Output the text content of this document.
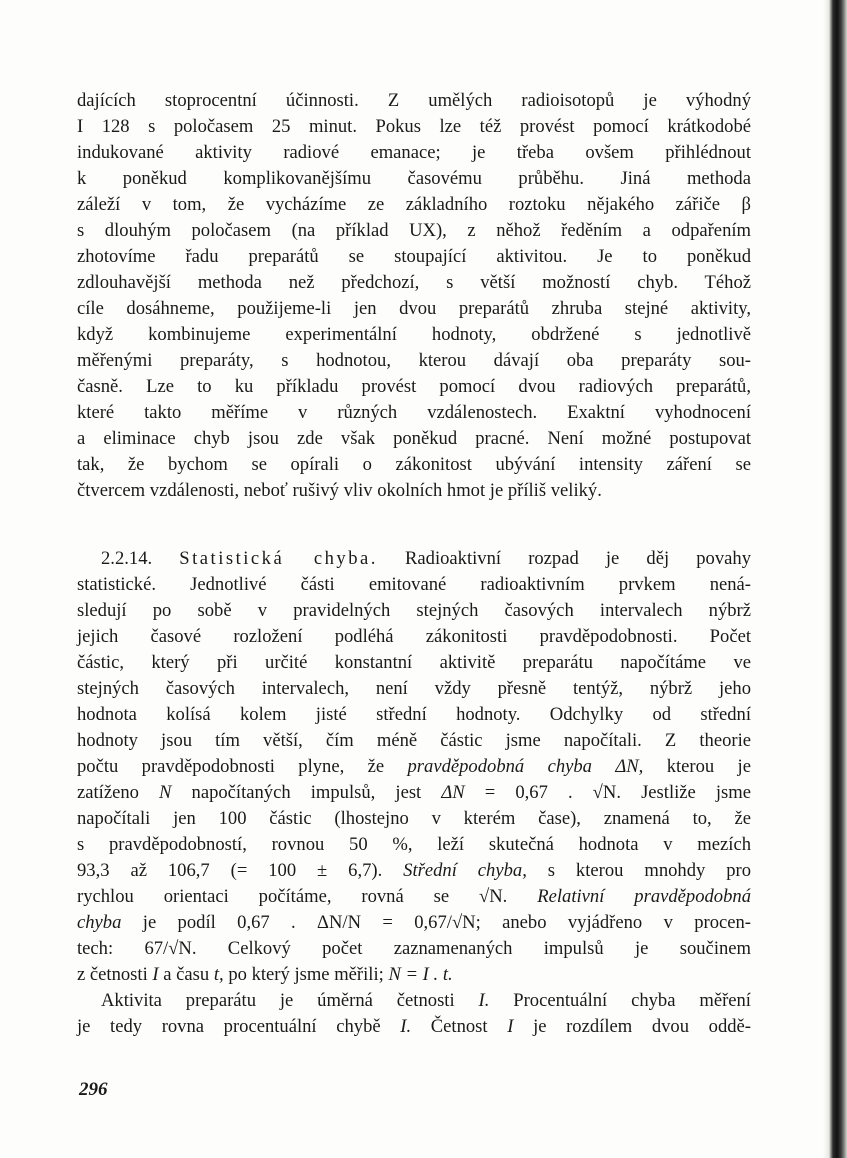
dajících stoprocentní účinnosti. Z umělých radioisotopů je výhodný
I 128 s poločasem 25 minut. Pokus lze též provést pomocí krátkodobé
indukované aktivity radiové emanace; je třeba ovšem přihlédnout
k poněkud komplikovanějšímu časovému průběhu. Jiná methoda
záleží v tom, že vycházíme ze základního roztoku nějakého zářiče β
s dlouhým poločasem (na příklad UX), z něhož ředěním a odpařením
zhotovíme řadu preparátů se stoupající aktivitou. Je to poněkud
zdlouhavější methoda než předchozí, s větší možností chyb. Téhož
cíle dosáhneme, použijeme-li jen dvou preparátů zhruba stejné aktivity,
když kombinujeme experimentální hodnoty, obdržené s jednotlivě
měřenými preparáty, s hodnotou, kterou dávají oba preparáty sou-
časně. Lze to ku příkladu provést pomocí dvou radiových preparátů,
které takto měříme v různých vzdálenostech. Exaktní vyhodnocení
a eliminace chyb jsou zde však poněkud pracné. Není možné postupovat
tak, že bychom se opírali o zákonitost ubývání intensity záření se
čtvercem vzdálenosti, neboť rušivý vliv okolních hmot je příliš veliký.
2.2.14. Statistická chyba. Radioaktivní rozpad je děj povahy
statistické. Jednotlivé části emitované radioaktivním prvkem nená-
sledují po sobě v pravidelných stejných časových intervalech nýbrž
jejich časové rozložení podléhá zákonitosti pravděpodobnosti. Počet
částic, který při určité konstantní aktivitě preparátu napočítáme ve
stejných časových intervalech, není vždy přesně tentýž, nýbrž jeho
hodnota kolísá kolem jisté střední hodnoty. Odchylky od střední
hodnoty jsou tím větší, čím méně částic jsme napočítali. Z theorie
počtu pravděpodobnosti plyne, že pravděpodobná chyba ΔN, kterou je
zatíženo N napočítaných impulsů, jest ΔN = 0,67 . √N. Jestliže jsme
napočítali jen 100 částic (lhostejno v kterém čase), znamená to, že
s pravděpodobností, rovnou 50 %, leží skutečná hodnota v mezích
93,3 až 106,7 (= 100 ± 6,7). Střední chyba, s kterou mnohdy pro
rychlou orientaci počítáme, rovná se √N. Relativní pravděpodobná
chyba je podíl 0,67 . ΔN/N = 0,67/√N; anebo vyjádřeno v procen-
tech: 67/√N. Celkový počet zaznamenaných impulsů je součinem
z četnosti I a času t, po který jsme měřili; N = I . t.
Aktivita preparátu je úměrná četnosti I. Procentuální chyba měření
je tedy rovna procentuální chybě I. Četnost I je rozdílem dvou oddě-
296
